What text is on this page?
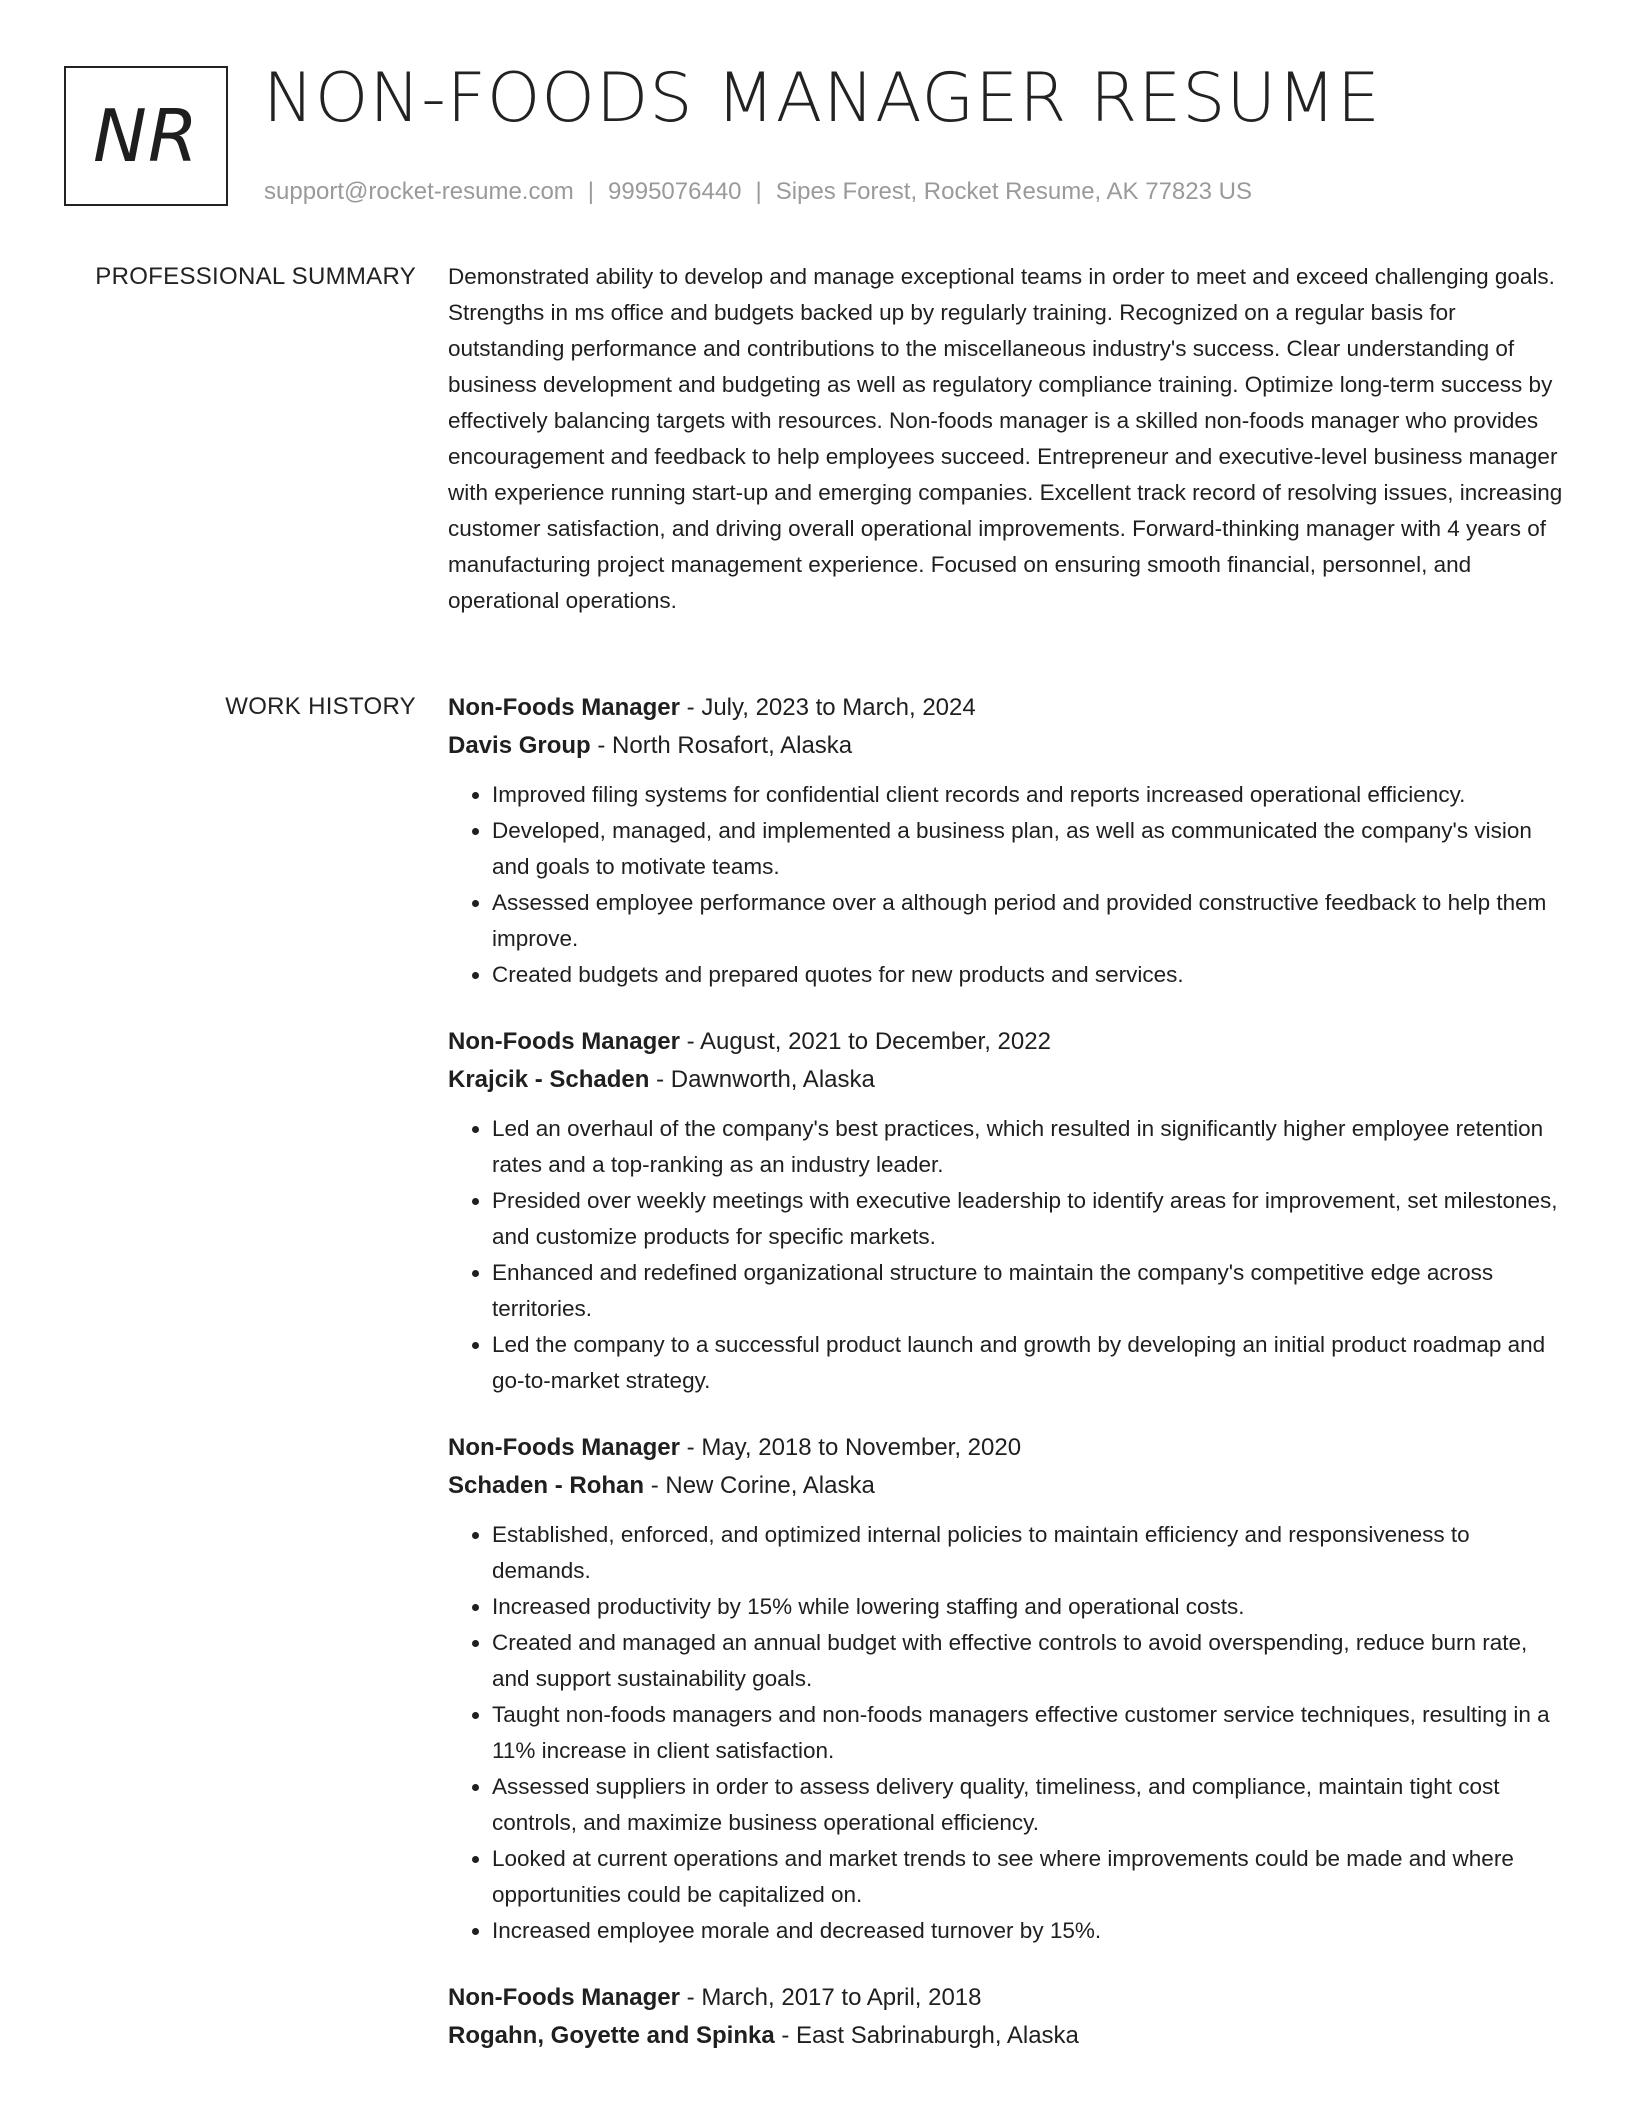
NR NON-FOODS MANAGER RESUME
support@rocket-resume.com | 9995076440 | Sipes Forest, Rocket Resume, AK 77823 US
PROFESSIONAL SUMMARY Demonstrated ability to develop and manage exceptional teams in order to meet and exceed challenging goals. Strengths in ms office and budgets backed up by regularly training. Recognized on a regular basis for outstanding performance and contributions to the miscellaneous industry's success. Clear understanding of business development and budgeting as well as regulatory compliance training. Optimize long-term success by effectively balancing targets with resources. Non-foods manager is a skilled non-foods manager who provides encouragement and feedback to help employees succeed. Entrepreneur and executive-level business manager with experience running start-up and emerging companies. Excellent track record of resolving issues, increasing customer satisfaction, and driving overall operational improvements. Forward-thinking manager with 4 years of manufacturing project management experience. Focused on ensuring smooth financial, personnel, and operational operations.

WORK HISTORY Non-Foods Manager - July, 2023 to March, 2024
Davis Group - North Rosafort, Alaska
• Improved filing systems for confidential client records and reports increased operational efficiency.
• Developed, managed, and implemented a business plan, as well as communicated the company's vision and goals to motivate teams.
• Assessed employee performance over a although period and provided constructive feedback to help them improve.
• Created budgets and prepared quotes for new products and services.
Non-Foods Manager - August, 2021 to December, 2022
Krajcik - Schaden - Dawnworth, Alaska
• Led an overhaul of the company's best practices, which resulted in significantly higher employee retention rates and a top-ranking as an industry leader.
• Presided over weekly meetings with executive leadership to identify areas for improvement, set milestones, and customize products for specific markets.
• Enhanced and redefined organizational structure to maintain the company's competitive edge across territories.
• Led the company to a successful product launch and growth by developing an initial product roadmap and go-to-market strategy.
Non-Foods Manager - May, 2018 to November, 2020
Schaden - Rohan - New Corine, Alaska
• Established, enforced, and optimized internal policies to maintain efficiency and responsiveness to demands.
• Increased productivity by 15% while lowering staffing and operational costs.
• Created and managed an annual budget with effective controls to avoid overspending, reduce burn rate, and support sustainability goals.
• Taught non-foods managers and non-foods managers effective customer service techniques, resulting in a 11% increase in client satisfaction.
• Assessed suppliers in order to assess delivery quality, timeliness, and compliance, maintain tight cost controls, and maximize business operational efficiency.
• Looked at current operations and market trends to see where improvements could be made and where opportunities could be capitalized on.
• Increased employee morale and decreased turnover by 15%.
Non-Foods Manager - March, 2017 to April, 2018
Rogahn, Goyette and Spinka - East Sabrinaburgh, Alaska
